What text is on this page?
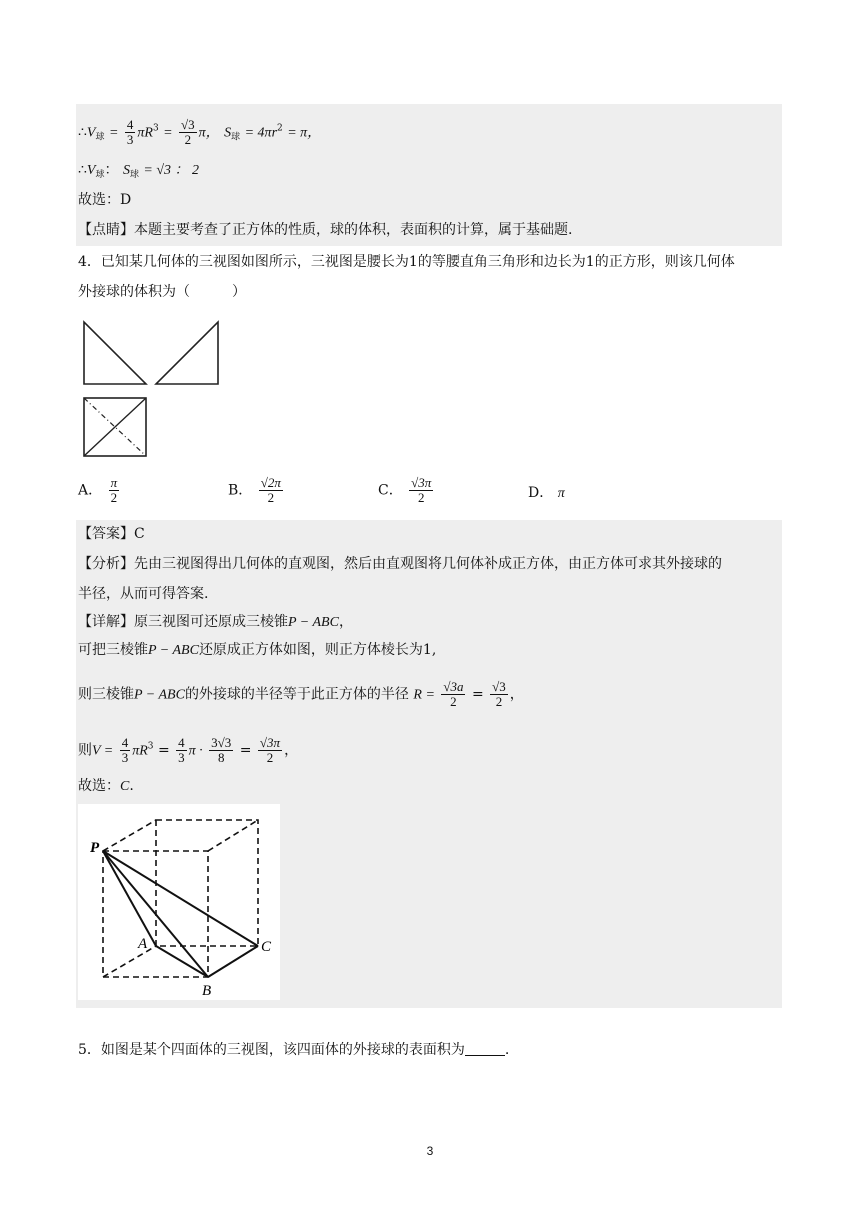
$\therefore V_球 = \frac{4}{3} \pi R^3 = \frac{√3}{2}$ π， $S_球 = 4\pi r^2 = \pi$，
$\therefore V_球$： $S_球 = √3$ ： 2
故选：D
【点睛】本题主要考查了正方体的性质，球的体积，表面积的计算，属于基础题.
4．已知某几何体的三视图如图所示，三视图是腰长为1的等腰直角三角形和边长为1的正方形，则该几何体
外接球的体积为（　　　）
A． $\frac{\pi}{2}$	B． $\frac{√2\pi}{2}$	C． $\frac{√3\pi}{2}$	D． π
【答案】C
【分析】先由三视图得出几何体的直观图，然后由直观图将几何体补成正方体，由正方体可求其外接球的
半径，从而可得答案.
【详解】原三视图可还原成三棱锥P − ABC，
可把三棱锥P − ABC还原成正方体如图，则正方体棱长为1,
则三棱锥P − ABC的外接球的半径等于此正方体的半径 $R = \frac{√3a}{2} = \frac{√3}{2}$ ，
则$V = \frac{4}{3} \pi R^3 = \frac{4}{3}$ $\pi \cdot \frac{3√3}{8} = \frac{√3\pi}{2}$ ，
故选：C.
P
A
B
C
5．如图是某个四面体的三视图，该四面体的外接球的表面积为	.
3
